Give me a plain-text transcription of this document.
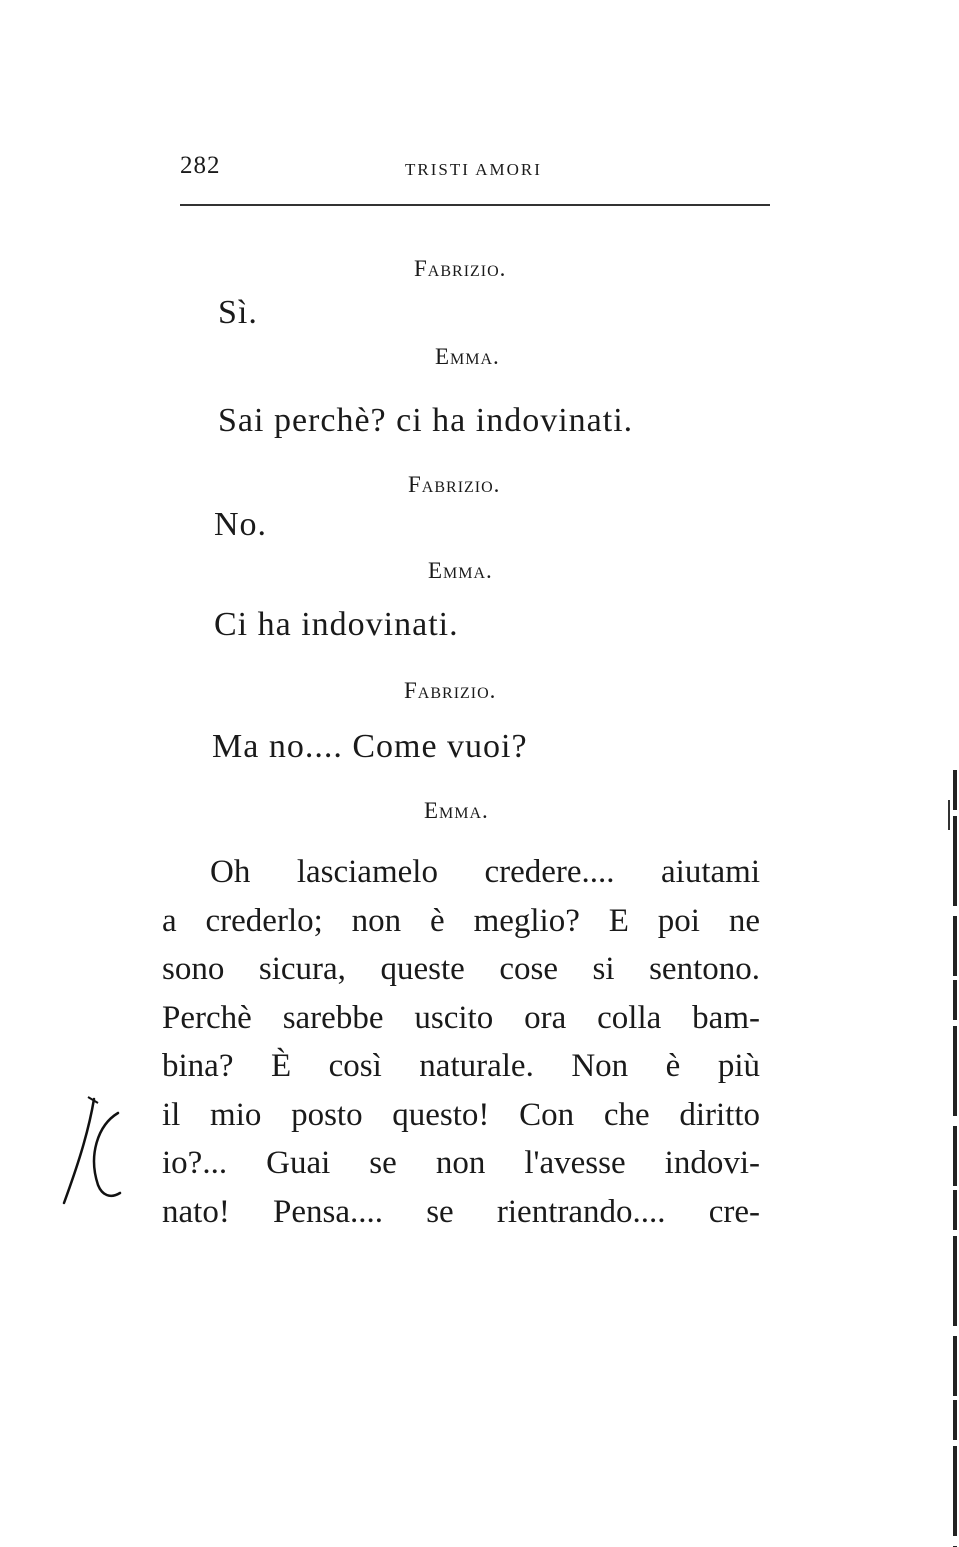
282	TRISTI AMORI
Fabrizio.
Sì.
Emma.
Sai perchè? ci ha indovinati.
Fabrizio.
No.
Emma.
Ci ha indovinati.
Fabrizio.
Ma no.... Come vuoi?
Emma.
Oh lasciamelo credere.... aiutami
a crederlo; non è meglio? E poi ne
sono sicura, queste cose si sentono.
Perchè sarebbe uscito ora colla bam-
bina? È così naturale. Non è più
il mio posto questo! Con che diritto
io?... Guai se non l'avesse indovi-
nato! Pensa.... se rientrando.... cre-
